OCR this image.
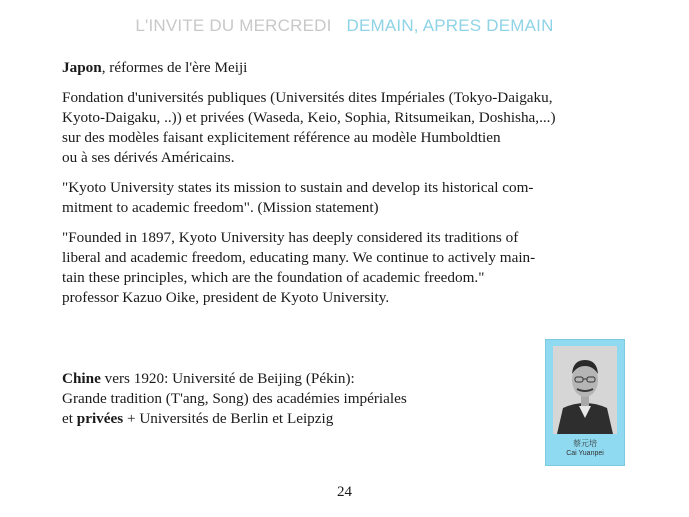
L'INVITE DU MERCREDI DEMAIN, APRES DEMAIN

Japon, réformes de l'ère Meiji

Fondation d'universités publiques (Universités dites Impériales (Tokyo-Daigaku,
Kyoto-Daigaku, ..)) et privées (Waseda, Keio, Sophia, Ritsumeikan, Doshisha,...)
sur des modèles faisant explicitement référence au modèle Humboldtien
ou à ses dérivés Américains.

"Kyoto University states its mission to sustain and develop its historical com-
mitment to academic freedom". (Mission statement)

"Founded in 1897, Kyoto University has deeply considered its traditions of
liberal and academic freedom, educating many. We continue to actively main-
tain these principles, which are the foundation of academic freedom."
professor Kazuo Oike, president de Kyoto University.

Chine vers 1920: Université de Beijing (Pékin):
Grande tradition (T'ang, Song) des académies impériales
et privées + Universités de Berlin et Leipzig
蔡元培
Cai Yuanpei
24
